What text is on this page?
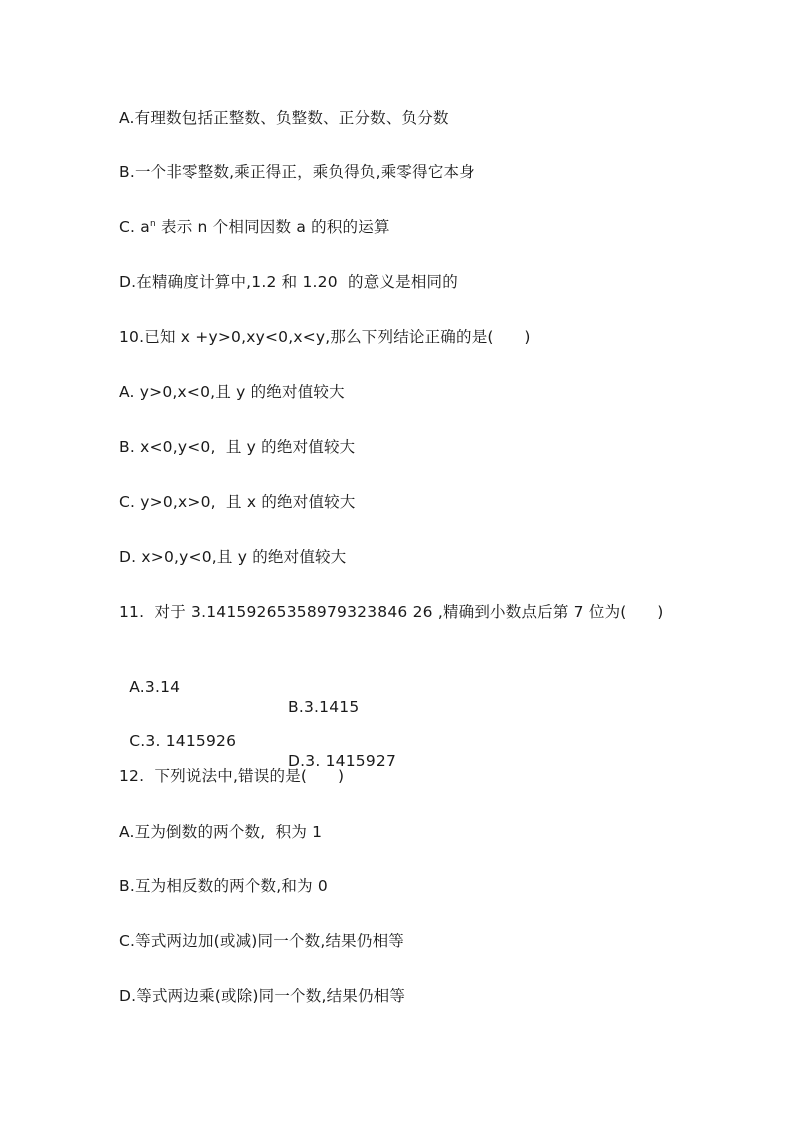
A.有理数包括正整数、负整数、正分数、负分数
B.一个非零整数,乘正得正，乘负得负,乘零得它本身
C. $a^n$ 表示 n 个相同因数 a 的积的运算
D.在精确度计算中,1.2 和 1.20  的意义是相同的
10.已知 x +y>0,xy<0,x<y,那么下列结论正确的是(      )
A. y>0,x<0,且 y 的绝对值较大
B. x<0,y<0,  且 y 的绝对值较大
C. y>0,x>0,  且 x 的绝对值较大
D. x>0,y<0,且 y 的绝对值较大
11.  对于 3.14159265358979323846 26 ,精确到小数点后第 7 位为(      )

A.3.14

B.3.1415

C.3. 1415926

D.3. 1415927

12.  下列说法中,错误的是(      )
A.互为倒数的两个数,  积为 1
B.互为相反数的两个数,和为 0
C.等式两边加(或减)同一个数,结果仍相等
D.等式两边乘(或除)同一个数,结果仍相等
